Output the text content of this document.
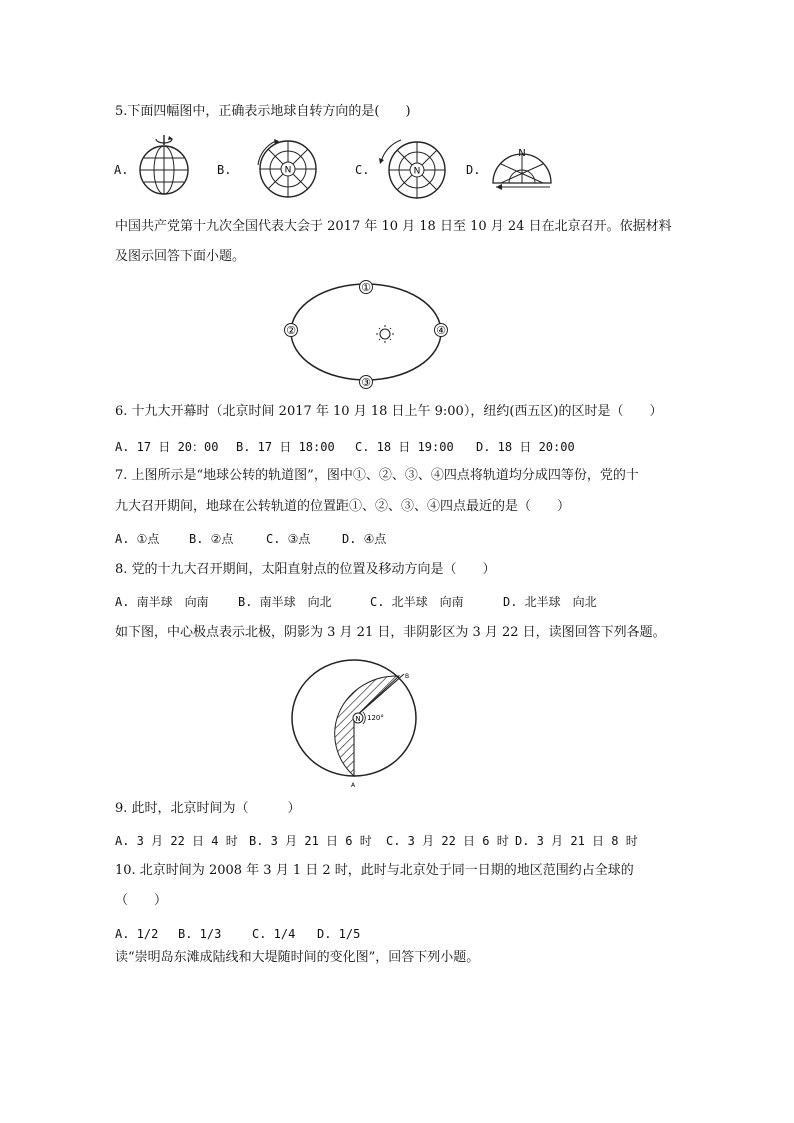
5.下面四幅图中，正确表示地球自转方向的是(　　)
A.	B.	N	C.	N	D.
N
中国共产党第十九次全国代表大会于 2017 年 10 月 18 日至 10 月 24 日在北京召开。依据材料
及图示回答下面小题。
①
②
③
④
6. 十九大开幕时（北京时间 2017 年 10 月 18 日上午 9:00），纽约(西五区)的区时是（　　）
A. 17 日 20：00 B. 17 日 18:00 C. 18 日 19:00 D. 18 日 20:00
7. 上图所示是“地球公转的轨道图”，图中①、②、③、④四点将轨道均分成四等份，党的十
九大召开期间，地球在公转轨道的位置距①、②、③、④四点最近的是（　　）
A. ①点 B. ②点	C. ③点	D. ④点
8. 党的十九大召开期间，太阳直射点的位置及移动方向是（　　）
A. 南半球　向南 B. 南半球　向北	C. 北半球　向南	D. 北半球　向北
如下图，中心极点表示北极，阴影为 3 月 21 日，非阴影区为 3 月 22 日，读图回答下列各题。
N 120°
A
B
9. 此时，北京时间为（　　　）
A. 3 月 22 日 4 时 B. 3 月 21 日 6 时 C. 3 月 22 日 6 时 D. 3 月 21 日 8 时
10. 北京时间为 2008 年 3 月 1 日 2 时，此时与北京处于同一日期的地区范围约占全球的
（　　）
A. 1/2 B. 1/3	C. 1/4 D. 1/5
读“崇明岛东滩成陆线和大堤随时间的变化图”，回答下列小题。
